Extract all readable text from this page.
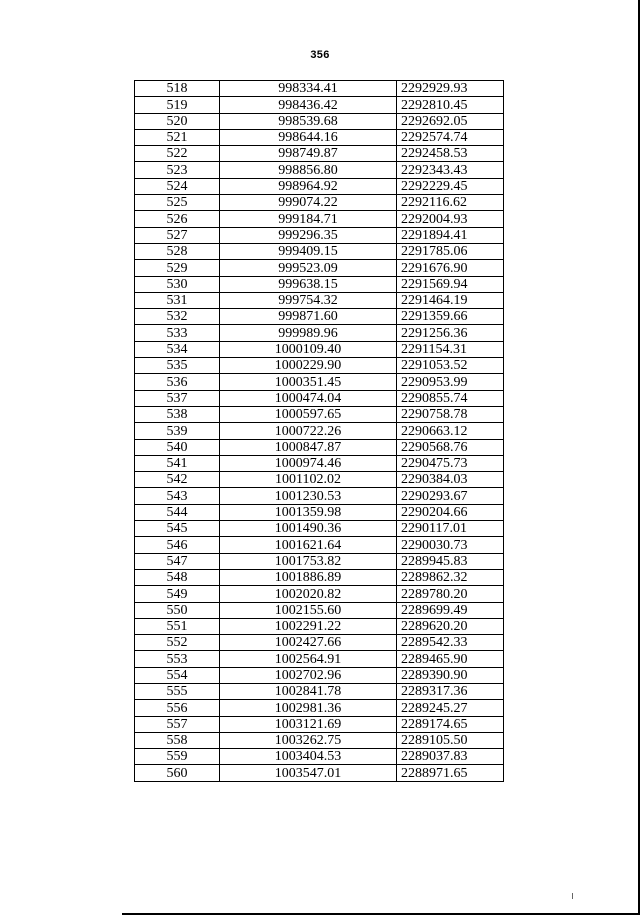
356
518	998334.41	2292929.93
519	998436.42	2292810.45
520	998539.68	2292692.05
521	998644.16	2292574.74
522	998749.87	2292458.53
523	998856.80	2292343.43
524	998964.92	2292229.45
525	999074.22	2292116.62
526	999184.71	2292004.93
527	999296.35	2291894.41
528	999409.15	2291785.06
529	999523.09	2291676.90
530	999638.15	2291569.94
531	999754.32	2291464.19
532	999871.60	2291359.66
533	999989.96	2291256.36
534	1000109.40	2291154.31
535	1000229.90	2291053.52
536	1000351.45	2290953.99
537	1000474.04	2290855.74
538	1000597.65	2290758.78
539	1000722.26	2290663.12
540	1000847.87	2290568.76
541	1000974.46	2290475.73
542	1001102.02	2290384.03
543	1001230.53	2290293.67
544	1001359.98	2290204.66
545	1001490.36	2290117.01
546	1001621.64	2290030.73
547	1001753.82	2289945.83
548	1001886.89	2289862.32
549	1002020.82	2289780.20
550	1002155.60	2289699.49
551	1002291.22	2289620.20
552	1002427.66	2289542.33
553	1002564.91	2289465.90
554	1002702.96	2289390.90
555	1002841.78	2289317.36
556	1002981.36	2289245.27
557	1003121.69	2289174.65
558	1003262.75	2289105.50
559	1003404.53	2289037.83
560	1003547.01	2288971.65
